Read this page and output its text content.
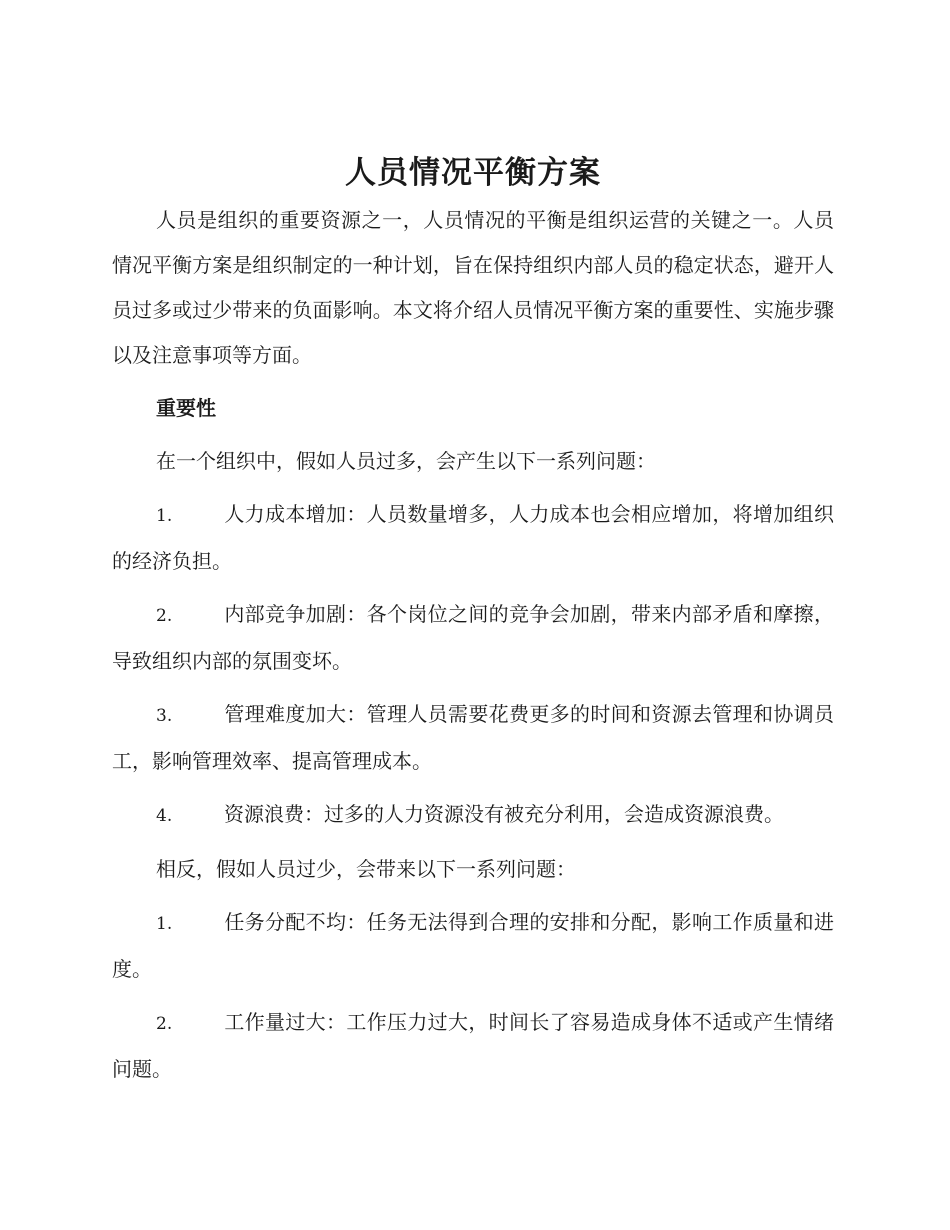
人员情况平衡方案

人员是组织的重要资源之一，人员情况的平衡是组织运营的关键之一。人员情况平衡方案是组织制定的一种计划，旨在保持组织内部人员的稳定状态，避开人员过多或过少带来的负面影响。本文将介绍人员情况平衡方案的重要性、实施步骤以及注意事项等方面。

重要性

在一个组织中，假如人员过多，会产生以下一系列问题：

1.	人力成本增加：人员数量增多，人力成本也会相应增加，将增加组织的经济负担。
2.	内部竞争加剧：各个岗位之间的竞争会加剧，带来内部矛盾和摩擦，导致组织内部的氛围变坏。
3.	管理难度加大：管理人员需要花费更多的时间和资源去管理和协调员工，影响管理效率、提高管理成本。
4.	资源浪费：过多的人力资源没有被充分利用，会造成资源浪费。

相反，假如人员过少，会带来以下一系列问题：

1.	任务分配不均：任务无法得到合理的安排和分配，影响工作质量和进度。
2.	工作量过大：工作压力过大，时间长了容易造成身体不适或产生情绪问题。
